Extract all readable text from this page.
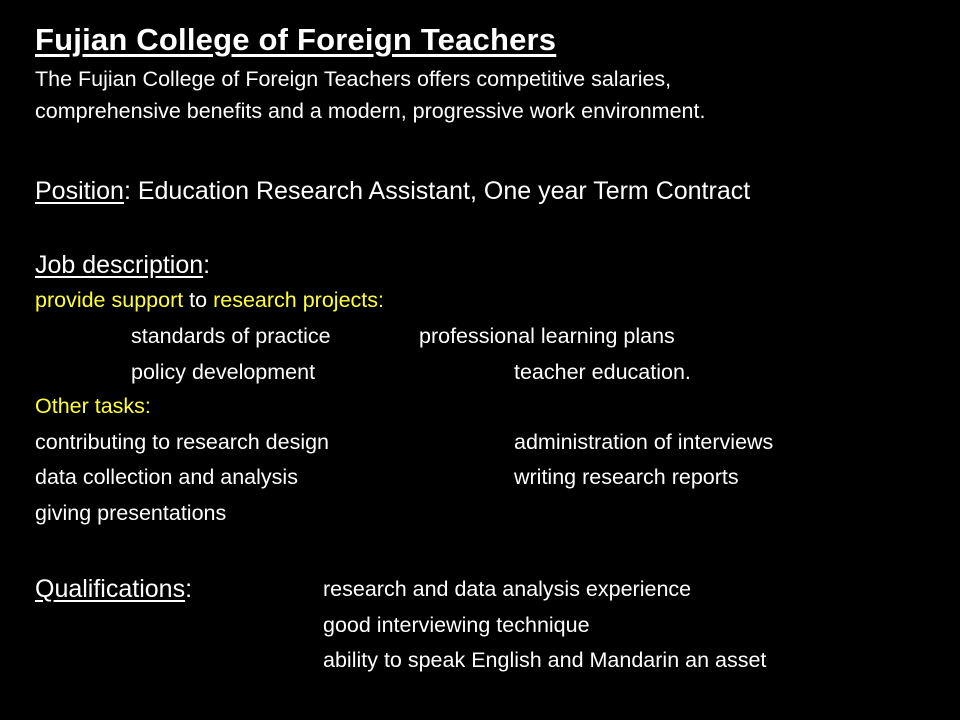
Fujian College of Foreign Teachers
The Fujian College of Foreign Teachers offers competitive salaries,
comprehensive benefits and a modern, progressive work environment.
Position: Education Research Assistant, One year Term Contract
Job description:
provide support to research projects:
standards of practice	professional learning plans
policy development	teacher education.
Other tasks:
contributing to research design	administration of interviews
data collection and analysis	writing research reports
giving presentations
Qualifications:	research and data analysis experience
good interviewing technique
ability to speak English and Mandarin an asset
